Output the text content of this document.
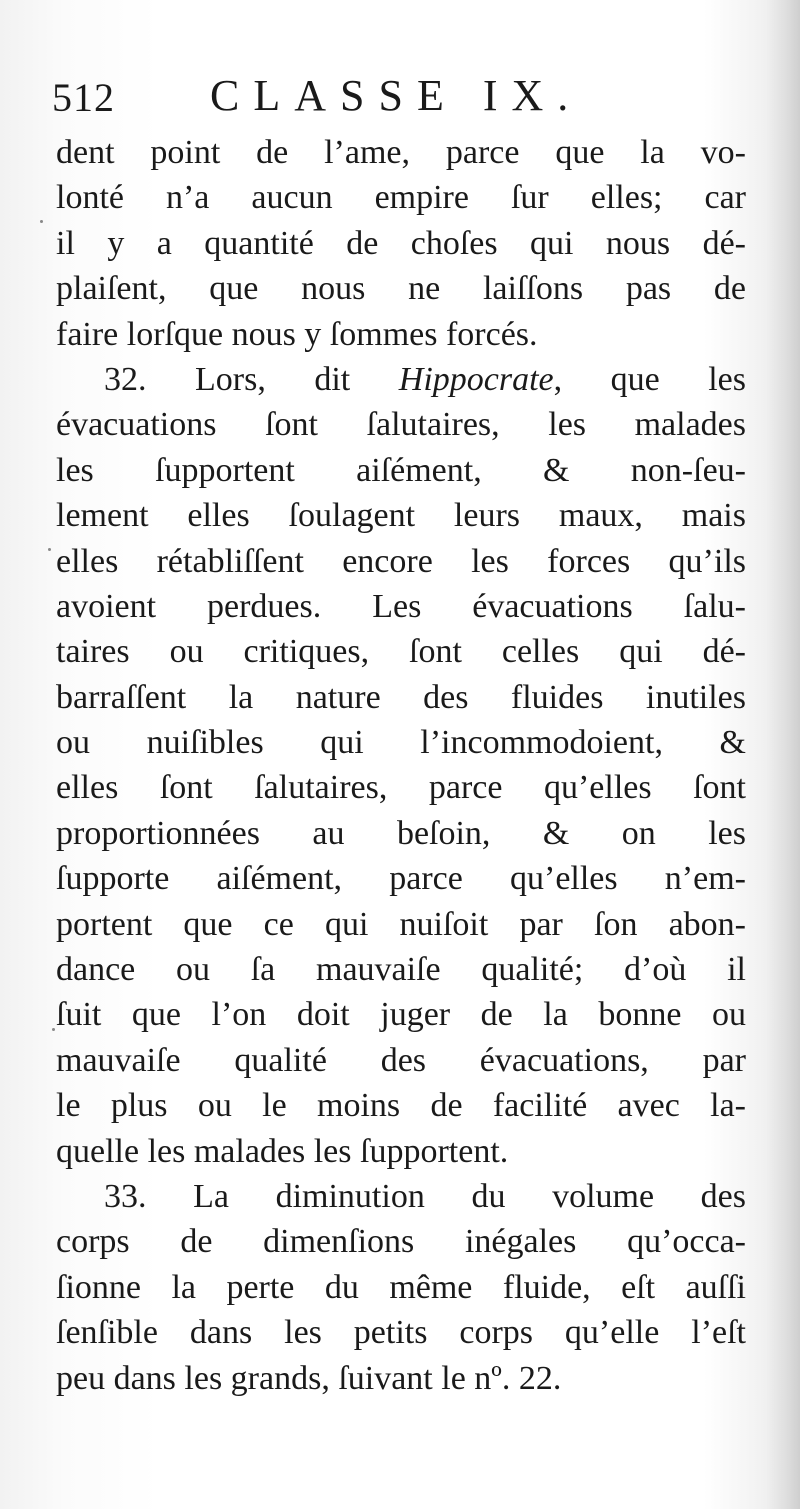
512 CLASSE IX.
dent point de l’ame, parce que la vo-
lonté n’a aucun empire ſur elles; car
il y a quantité de choſes qui nous dé-
plaiſent, que nous ne laiſſons pas de
faire lorſque nous y ſommes forcés.
32. Lors, dit Hippocrate, que les
évacuations ſont ſalutaires, les malades
les ſupportent aiſément, & non-ſeu-
lement elles ſoulagent leurs maux, mais
elles rétabliſſent encore les forces qu’ils
avoient perdues. Les évacuations ſalu-
taires ou critiques, ſont celles qui dé-
barraſſent la nature des fluides inutiles
ou nuiſibles qui l’incommodoient, &
elles ſont ſalutaires, parce qu’elles ſont
proportionnées au beſoin, & on les
ſupporte aiſément, parce qu’elles n’em-
portent que ce qui nuiſoit par ſon abon-
dance ou ſa mauvaiſe qualité; d’où il
ſuit que l’on doit juger de la bonne ou
mauvaiſe qualité des évacuations, par
le plus ou le moins de facilité avec la-
quelle les malades les ſupportent.
33. La diminution du volume des
corps de dimenſions inégales qu’occa-
ſionne la perte du même fluide, eſt auſſi
ſenſible dans les petits corps qu’elle l’eſt
peu dans les grands, ſuivant le nº. 22.
